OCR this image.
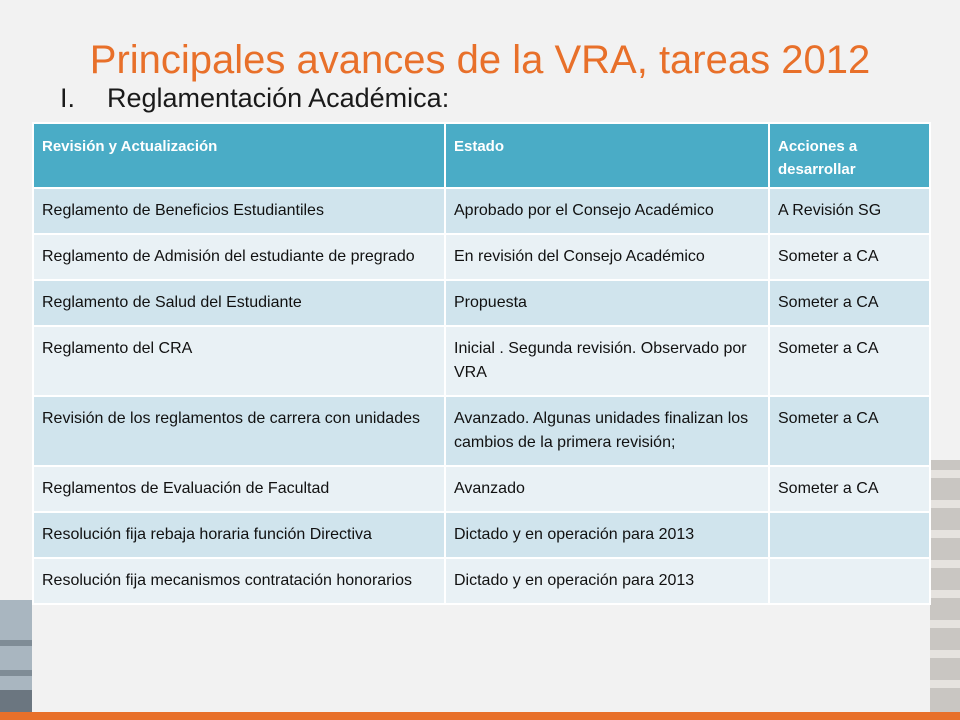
Principales avances de la VRA, tareas 2012
I. Reglamentación Académica:
Revisión y Actualización	Estado	Acciones a desarrollar
Reglamento de Beneficios Estudiantiles	Aprobado por el Consejo Académico	A Revisión SG
Reglamento de Admisión del estudiante de pregrado	En revisión del Consejo Académico	Someter a CA
Reglamento de Salud del Estudiante	Propuesta	Someter a CA
Reglamento del CRA	Inicial . Segunda revisión. Observado por VRA	Someter a CA
Revisión de los reglamentos de carrera con unidades	Avanzado. Algunas unidades finalizan los cambios de la primera revisión;	Someter a CA
Reglamentos de Evaluación de Facultad	Avanzado	Someter a CA
Resolución fija rebaja horaria función Directiva	Dictado y en operación para 2013	
Resolución fija mecanismos contratación honorarios	Dictado y en operación para 2013	
